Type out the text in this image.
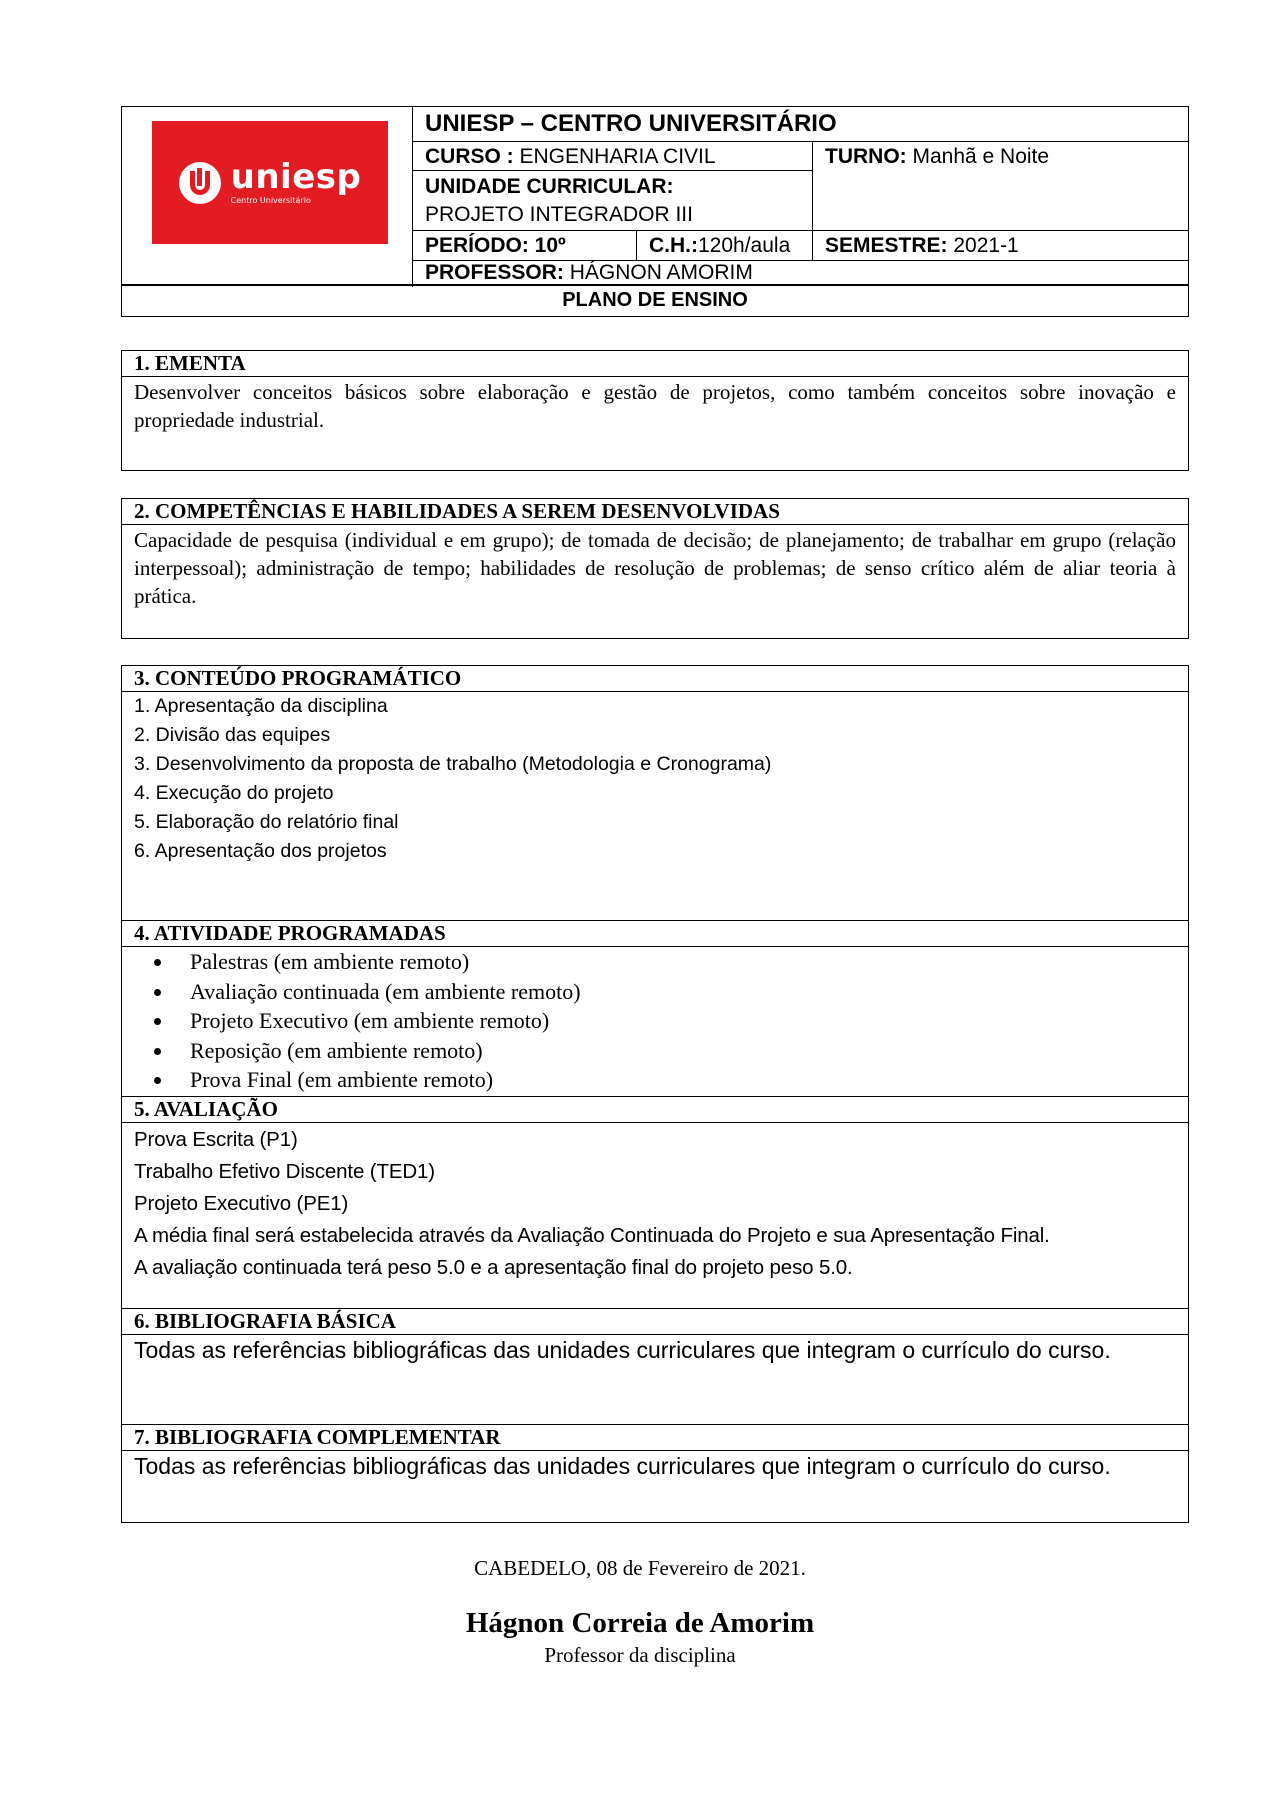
uniesp
Centro Universitário
UNIESP – CENTRO UNIVERSITÁRIO
CURSO : ENGENHARIA CIVIL	TURNO: Manhã e Noite
UNIDADE CURRICULAR:
PROJETO INTEGRADOR III
PERÍODO: 10º	C.H.:120h/aula	SEMESTRE: 2021-1
PROFESSOR: HÁGNON AMORIM
PLANO DE ENSINO
1. EMENTA
Desenvolver conceitos básicos sobre elaboração e gestão de projetos, como também conceitos sobre inovação e propriedade industrial.
2. COMPETÊNCIAS E HABILIDADES A SEREM DESENVOLVIDAS
Capacidade de pesquisa (individual e em grupo); de tomada de decisão; de planejamento; de trabalhar em grupo (relação interpessoal); administração de tempo; habilidades de resolução de problemas; de senso crítico além de aliar teoria à prática.
3. CONTEÚDO PROGRAMÁTICO
1. Apresentação da disciplina
2. Divisão das equipes
3. Desenvolvimento da proposta de trabalho (Metodologia e Cronograma)
4. Execução do projeto
5. Elaboração do relatório final
6. Apresentação dos projetos
4. ATIVIDADE PROGRAMADAS
• Palestras (em ambiente remoto)
• Avaliação continuada (em ambiente remoto)
• Projeto Executivo (em ambiente remoto)
• Reposição (em ambiente remoto)
• Prova Final (em ambiente remoto)
5. AVALIAÇÃO
Prova Escrita (P1)
Trabalho Efetivo Discente (TED1)
Projeto Executivo (PE1)
A média final será estabelecida através da Avaliação Continuada do Projeto e sua Apresentação Final.
A avaliação continuada terá peso 5.0 e a apresentação final do projeto peso 5.0.
6. BIBLIOGRAFIA BÁSICA
Todas as referências bibliográficas das unidades curriculares que integram o currículo do curso.
7. BIBLIOGRAFIA COMPLEMENTAR
Todas as referências bibliográficas das unidades curriculares que integram o currículo do curso.
CABEDELO, 08 de Fevereiro de 2021.
Hágnon Correia de Amorim
Professor da disciplina
